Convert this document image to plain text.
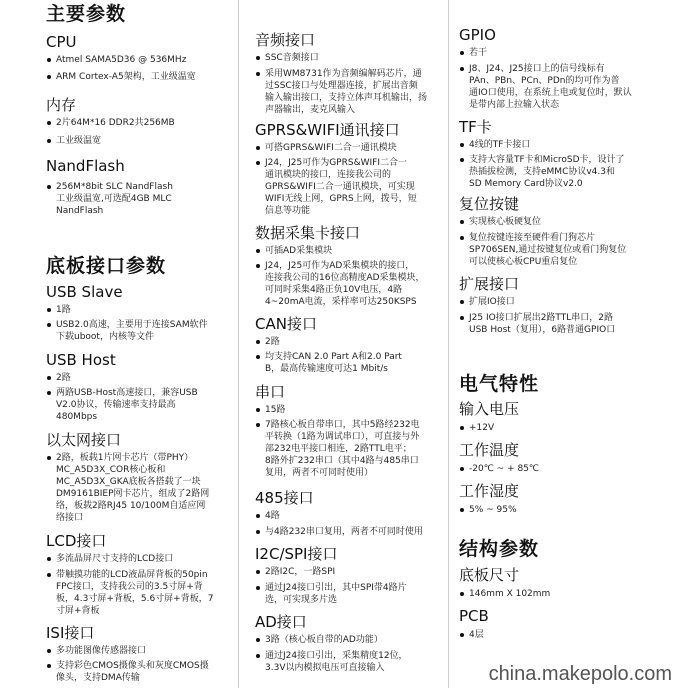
主要参数
CPU
Atmel SAMA5D36 @ 536MHz
ARM Cortex-A5架构，工业级温宽
内存
2片64M*16 DDR2共256MB
工业级温宽
NandFlash
256M*8bit SLC NandFlash
工业级温宽,可选配4GB MLC
NandFlash
底板接口参数
USB Slave
1路
USB2.0高速，主要用于连接SAM软件
下载uboot，内核等文件
USB Host
2路
两路USB-Host高速接口，兼容USB
V2.0协议，传输速率支持最高
480Mbps
以太网接口
2路，板载1片网卡芯片（带PHY）
MC_A5D3X_COR核心板和
MC_A5D3X_GKA底板各搭载了一块
DM9161BIEP网卡芯片，组成了2路网
络，板载2路RJ45 10/100M自适应网
络接口
LCD接口
多流晶屏尺寸支持的LCD接口
带触摸功能的LCD液晶屏背板的50pin
FPC接口，支持我公司的3.5寸屏+背
板，4.3寸屏+背板，5.6寸屏+背板，7
寸屏+背板
ISI接口
多功能图像传感器接口
支持彩色CMOS摄像头和灰度CMOS摄
像头，支持DMA传输
音频接口
SSC音频接口
采用WM8731作为音频编解码芯片，通
过SSC接口与处理器连接，扩展出音频
输入输出接口，支持立体声耳机输出，扬
声器输出，麦克风输入
GPRS&WIFI通讯接口
可搭GPRS&WIFI二合一通讯模块
J24，J25可作为GPRS&WIFI二合一
通讯模块的接口，连接我公司的
GPRS&WIFI二合一通讯模块，可实现
WIFI无线上网，GPRS上网，拨号，短
信息等功能
数据采集卡接口
可插AD采集模块
J24，J25可作为AD采集模块的接口，
连接我公司的16位高精度AD采集模块，
可同时采集4路正负10V电压，4路
4~20mA电流，采样率可达250KSPS
CAN接口
2路
均支持CAN 2.0 Part A和2.0 Part
B，最高传输速度可达1 Mbit/s
串口
15路
7路核心板自带串口，其中5路经232电
平转换（1路为调试串口），可直接与外
部232电平接口相连，2路TTL电平；
8路外扩232串口（其中4路与485串口
复用，两者不可同时使用）
485接口
4路
与4路232串口复用，两者不可同时使用
I2C/SPI接口
2路I2C，一路SPI
通过J24接口引出，其中SPI带4路片
选，可实现多片选
AD接口
3路（核心板自带的AD功能）
通过J24接口引出，采集精度12位，
3.3V以内模拟电压可直接输入
GPIO
若干
J8、J24、J25接口上的信号线标有
PAn、PBn、PCn、PDn的均可作为普
通IO口使用，在系统上电或复位时，默认
是带内部上拉输入状态
TF卡
4线的TF卡接口
支持大容量TF卡和MicroSD卡，设计了
热插拔检测，支持eMMC协议v4.3和
SD Memory Card协议v2.0
复位按键
实现核心板硬复位
复位按键连接至硬件看门狗芯片
SP706SEN,通过按键复位或看门狗复位
可以使核心板CPU重启复位
扩展接口
扩展IO接口
J25 IO接口扩展出2路TTL串口，2路
USB Host（复用），6路普通GPIO口
电气特性
输入电压
+12V
工作温度
-20℃ ~ + 85℃
工作湿度
5% ~ 95%
结构参数
底板尺寸
146mm X 102mm
PCB
4层
china.makepolo.com
